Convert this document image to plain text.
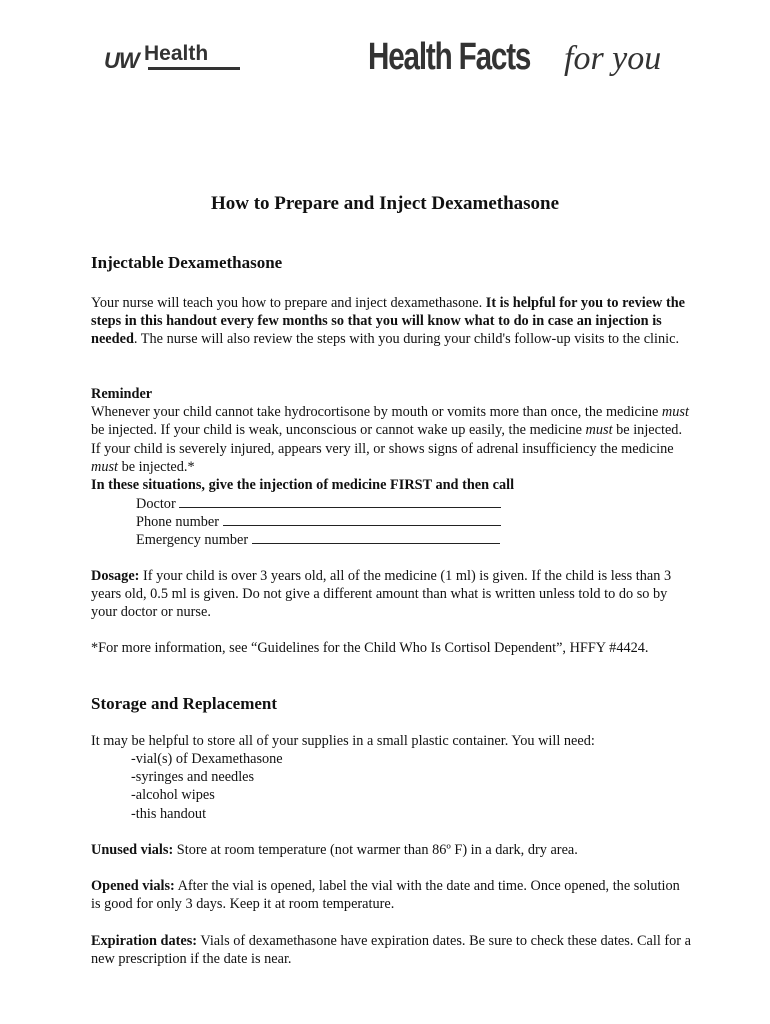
UW Health	Health Facts for you
How to Prepare and Inject Dexamethasone
Injectable Dexamethasone

Your nurse will teach you how to prepare and inject dexamethasone. It is helpful for you to review the steps in this handout every few months so that you will know what to do in case an injection is needed. The nurse will also review the steps with you during your child's follow-up visits to the clinic.

Reminder
Whenever your child cannot take hydrocortisone by mouth or vomits more than once, the medicine must be injected. If your child is weak, unconscious or cannot wake up easily, the medicine must be injected. If your child is severely injured, appears very ill, or shows signs of adrenal insufficiency the medicine must be injected.*
In these situations, give the injection of medicine FIRST and then call

Doctor
Phone number
Emergency number

Dosage: If your child is over 3 years old, all of the medicine (1 ml) is given. If the child is less than 3 years old, 0.5 ml is given. Do not give a different amount than what is written unless told to do so by your doctor or nurse.

*For more information, see “Guidelines for the Child Who Is Cortisol Dependent”, HFFY #4424.

Storage and Replacement

It may be helpful to store all of your supplies in a small plastic container. You will need:

-vial(s) of Dexamethasone
-syringes and needles
-alcohol wipes
-this handout

Unused vials: Store at room temperature (not warmer than 86º F) in a dark, dry area.

Opened vials: After the vial is opened, label the vial with the date and time. Once opened, the solution is good for only 3 days. Keep it at room temperature.

Expiration dates: Vials of dexamethasone have expiration dates. Be sure to check these dates. Call for a new prescription if the date is near.
